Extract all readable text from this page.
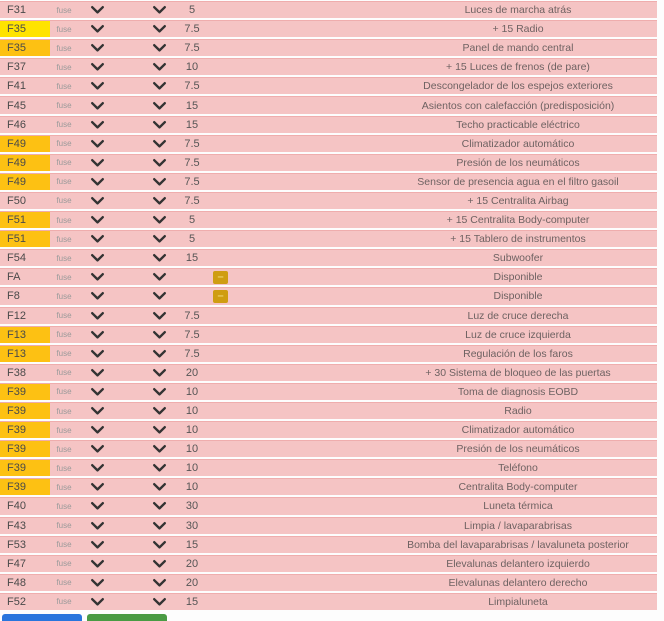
F31	fuse	5	Luces de marcha atrás
F35	fuse	7.5	+ 15 Radio
F35	fuse	7.5	Panel de mando central
F37	fuse	10	+ 15 Luces de frenos (de pare)
F41	fuse	7.5	Descongelador de los espejos exteriores
F45	fuse	15	Asientos con calefacción (predisposición)
F46	fuse	15	Techo practicable eléctrico
F49	fuse	7.5	Climatizador automático
F49	fuse	7.5	Presión de los neumáticos
F49	fuse	7.5	Sensor de presencia agua en el filtro gasoil
F50	fuse	7.5	+ 15 Centralita Airbag
F51	fuse	5	+ 15 Centralita Body-computer
F51	fuse	5	+ 15 Tablero de instrumentos
F54	fuse	15	Subwoofer
FA	fuse	–	Disponible
F8	fuse	–	Disponible
F12	fuse	7.5	Luz de cruce derecha
F13	fuse	7.5	Luz de cruce izquierda
F13	fuse	7.5	Regulación de los faros
F38	fuse	20	+ 30 Sistema de bloqueo de las puertas
F39	fuse	10	Toma de diagnosis EOBD
F39	fuse	10	Radio
F39	fuse	10	Climatizador automático
F39	fuse	10	Presión de los neumáticos
F39	fuse	10	Teléfono
F39	fuse	10	Centralita Body-computer
F40	fuse	30	Luneta térmica
F43	fuse	30	Limpia / lavaparabrisas
F53	fuse	15	Bomba del lavaparabrisas / lavaluneta posterior
F47	fuse	20	Elevalunas delantero izquierdo
F48	fuse	20	Elevalunas delantero derecho
F52	fuse	15	Limpialuneta
